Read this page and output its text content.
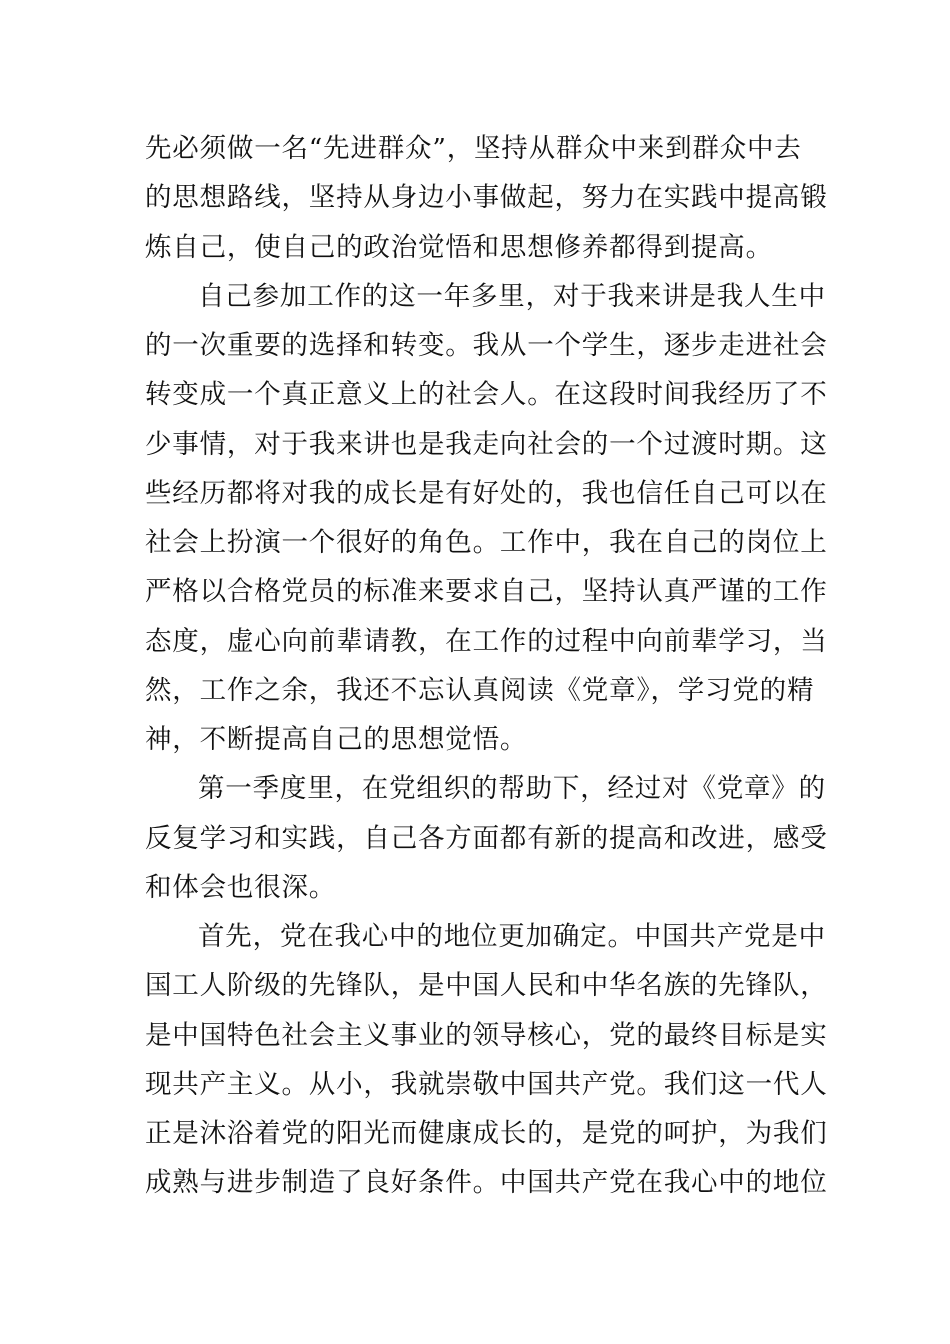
先必须做一名“先进群众”，坚持从群众中来到群众中去
的思想路线，坚持从身边小事做起，努力在实践中提高锻
炼自己，使自己的政治觉悟和思想修养都得到提高。
自己参加工作的这一年多里，对于我来讲是我人生中
的一次重要的选择和转变。我从一个学生，逐步走进社会
转变成一个真正意义上的社会人。在这段时间我经历了不
少事情，对于我来讲也是我走向社会的一个过渡时期。这
些经历都将对我的成长是有好处的，我也信任自己可以在
社会上扮演一个很好的角色。工作中，我在自己的岗位上
严格以合格党员的标准来要求自己，坚持认真严谨的工作
态度，虚心向前辈请教，在工作的过程中向前辈学习，当
然，工作之余，我还不忘认真阅读《党章》，学习党的精
神，不断提高自己的思想觉悟。
第一季度里，在党组织的帮助下，经过对《党章》的
反复学习和实践，自己各方面都有新的提高和改进，感受
和体会也很深。
首先，党在我心中的地位更加确定。中国共产党是中
国工人阶级的先锋队，是中国人民和中华名族的先锋队，
是中国特色社会主义事业的领导核心，党的最终目标是实
现共产主义。从小，我就崇敬中国共产党。我们这一代人
正是沐浴着党的阳光而健康成长的，是党的呵护，为我们
成熟与进步制造了良好条件。中国共产党在我心中的地位
